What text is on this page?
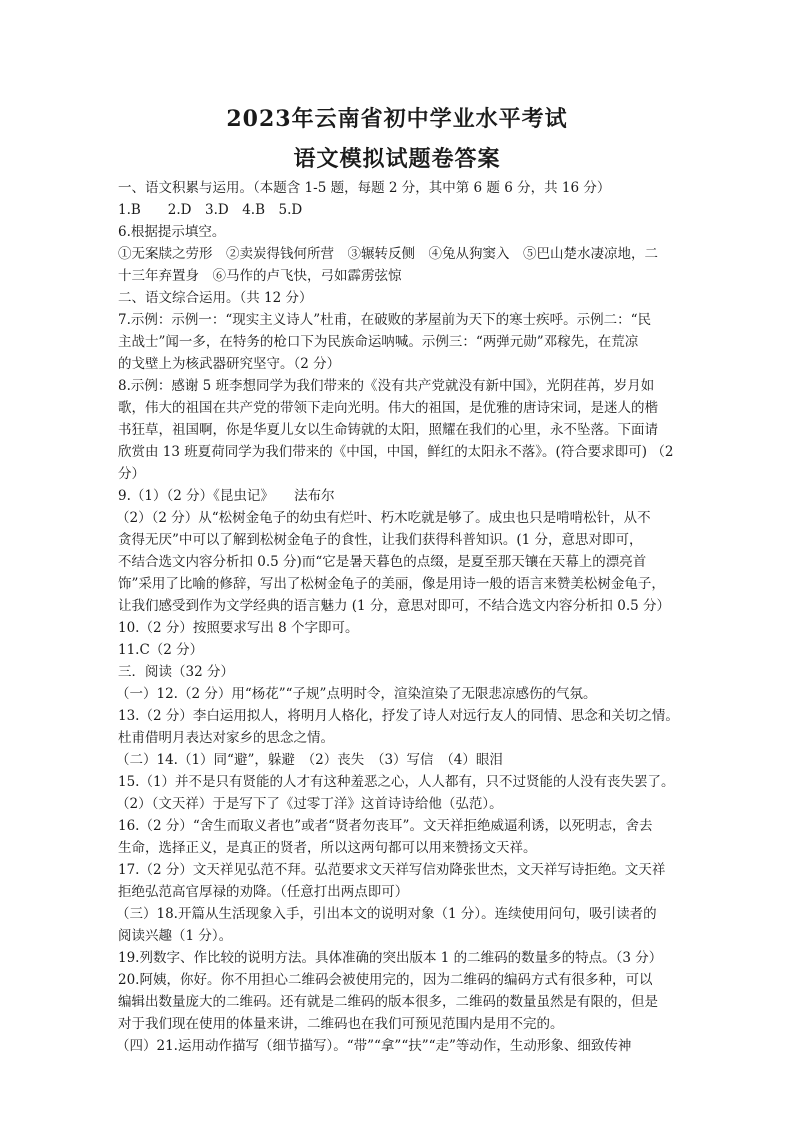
2023年云南省初中学业水平考试
语文模拟试题卷答案
一、语文积累与运用。（本题含 1-5 题，每题 2 分，其中第 6 题 6 分，共 16 分）
1.B　　2.D　3.D　4.B　5.D
6.根据提示填空。
①无案牍之劳形　②卖炭得钱何所营　③辗转反侧　④兔从狗窦入　⑤巴山楚水凄凉地，二
十三年弃置身　⑥马作的卢飞快，弓如霹雳弦惊
二、语文综合运用。（共 12 分）
7.示例：示例一：“现实主义诗人”杜甫，在破败的茅屋前为天下的寒士疾呼。示例二：“民
主战士”闻一多，在特务的枪口下为民族命运呐喊。示例三：“两弹元勋”邓稼先，在荒凉
的戈壁上为核武器研究坚守。（2 分）
8.示例：感谢 5 班李想同学为我们带来的《没有共产党就没有新中国》，光阴荏苒，岁月如
歌，伟大的祖国在共产党的带领下走向光明。伟大的祖国，是优雅的唐诗宋词，是迷人的楷
书狂草，祖国啊，你是华夏儿女以生命铸就的太阳，照耀在我们的心里，永不坠落。下面请
欣赏由 13 班夏荷同学为我们带来的《中国，中国，鲜红的太阳永不落》。(符合要求即可) （2
分）
9.（1）（2 分）《昆虫记》　　法布尔
（2）（2 分）从“松树金龟子的幼虫有烂叶、朽木吃就是够了。成虫也只是啃啃松针，从不
贪得无厌”中可以了解到松树金龟子的食性，让我们获得科普知识。(1 分，意思对即可，
不结合选文内容分析扣 0.5 分)而“它是暑天暮色的点缀，是夏至那天镶在天幕上的漂亮首
饰”采用了比喻的修辞，写出了松树金龟子的美丽，像是用诗一般的语言来赞美松树金龟子，
让我们感受到作为文学经典的语言魅力 (1 分，意思对即可，不结合选文内容分析扣 0.5 分）
10.（2 分）按照要求写出 8 个字即可。
11.C（2 分）
三．阅读（32 分）
（一）12.（2 分）用“杨花”“子规”点明时令，渲染渲染了无限悲凉感伤的气氛。
13.（2 分）李白运用拟人，将明月人格化，抒发了诗人对远行友人的同情、思念和关切之情。
杜甫借明月表达对家乡的思念之情。
（二）14.（1）同“避”，躲避　（2）丧失　（3）写信　（4）眼泪
15.（1）并不是只有贤能的人才有这种羞恶之心，人人都有，只不过贤能的人没有丧失罢了。
（2）（文天祥）于是写下了《过零丁洋》这首诗诗给他（弘范）。
16.（2 分）“舍生而取义者也”或者“贤者勿丧耳”。文天祥拒绝威逼利诱，以死明志，舍去
生命，选择正义，是真正的贤者，所以这两句都可以用来赞扬文天祥。
17.（2 分）文天祥见弘范不拜。弘范要求文天祥写信劝降张世杰，文天祥写诗拒绝。文天祥
拒绝弘范高官厚禄的劝降。（任意打出两点即可）
（三）18.开篇从生活现象入手，引出本文的说明对象（1 分）。连续使用问句，吸引读者的
阅读兴趣（1 分）。
19.列数字、作比较的说明方法。具体准确的突出版本 1 的二维码的数量多的特点。（3 分）
20.阿姨，你好。你不用担心二维码会被使用完的，因为二维码的编码方式有很多种，可以
编辑出数量庞大的二维码。还有就是二维码的版本很多，二维码的数量虽然是有限的，但是
对于我们现在使用的体量来讲，二维码也在我们可预见范围内是用不完的。
（四）21.运用动作描写（细节描写）。“带”“拿”“扶”“走”等动作，生动形象、细致传神
